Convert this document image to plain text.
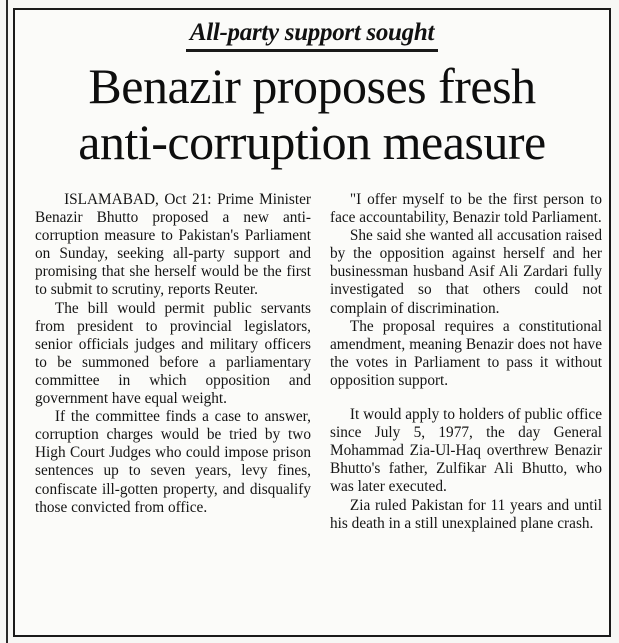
All-party support sought
Benazir proposes fresh
anti-corruption measure

ISLAMABAD, Oct 21: Prime Minister Benazir Bhutto proposed a new anti-corruption measure to Pakistan's Parliament on Sunday, seeking all-party support and promising that she herself would be the first to submit to scrutiny, reports Reuter.

The bill would permit public servants from president to provincial legislators, senior officials judges and military officers to be summoned before a parliamentary committee in which opposition and government have equal weight.

If the committee finds a case to answer, corruption charges would be tried by two High Court Judges who could impose prison sentences up to seven years, levy fines, confiscate ill-gotten property, and disqualify those convicted from office.

"I offer myself to be the first person to face accountability, Benazir told Parliament.

She said she wanted all accusation raised by the opposition against herself and her businessman husband Asif Ali Zardari fully investigated so that others could not complain of discrimination.

The proposal requires a constitutional amendment, meaning Benazir does not have the votes in Parliament to pass it without opposition support.

It would apply to holders of public office since July 5, 1977, the day General Mohammad Zia-Ul-Haq overthrew Benazir Bhutto's father, Zulfikar Ali Bhutto, who was later executed.

Zia ruled Pakistan for 11 years and until his death in a still unexplained plane crash.
